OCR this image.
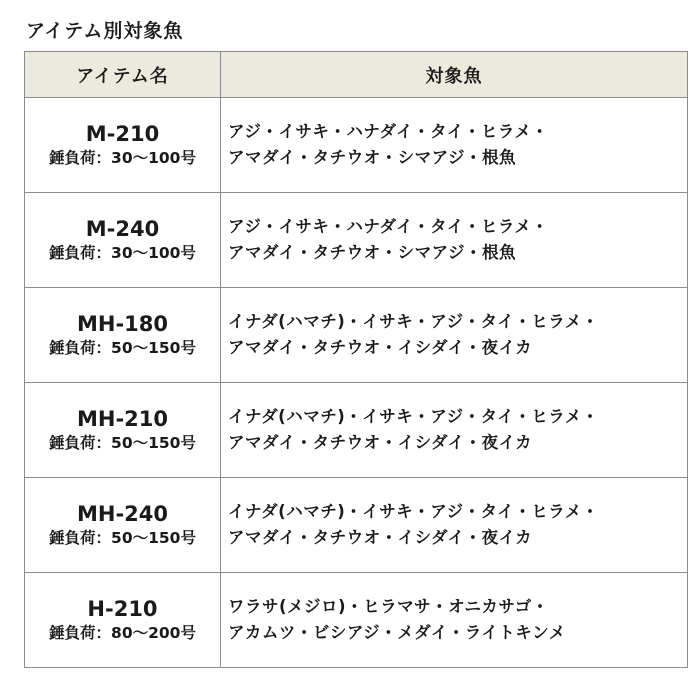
アイテム別対象魚
アイテム名	対象魚

M-210
錘負荷：30〜100号	アジ・イサキ・ハナダイ・タイ・ヒラメ・
アマダイ・タチウオ・シマアジ・根魚

M-240
錘負荷：30〜100号	アジ・イサキ・ハナダイ・タイ・ヒラメ・
アマダイ・タチウオ・シマアジ・根魚

MH-180
錘負荷：50〜150号	イナダ(ハマチ)・イサキ・アジ・タイ・ヒラメ・
アマダイ・タチウオ・イシダイ・夜イカ

MH-210
錘負荷：50〜150号	イナダ(ハマチ)・イサキ・アジ・タイ・ヒラメ・
アマダイ・タチウオ・イシダイ・夜イカ

MH-240
錘負荷：50〜150号	イナダ(ハマチ)・イサキ・アジ・タイ・ヒラメ・
アマダイ・タチウオ・イシダイ・夜イカ

H-210
錘負荷：80〜200号	ワラサ(メジロ)・ヒラマサ・オニカサゴ・
アカムツ・ビシアジ・メダイ・ライトキンメ
